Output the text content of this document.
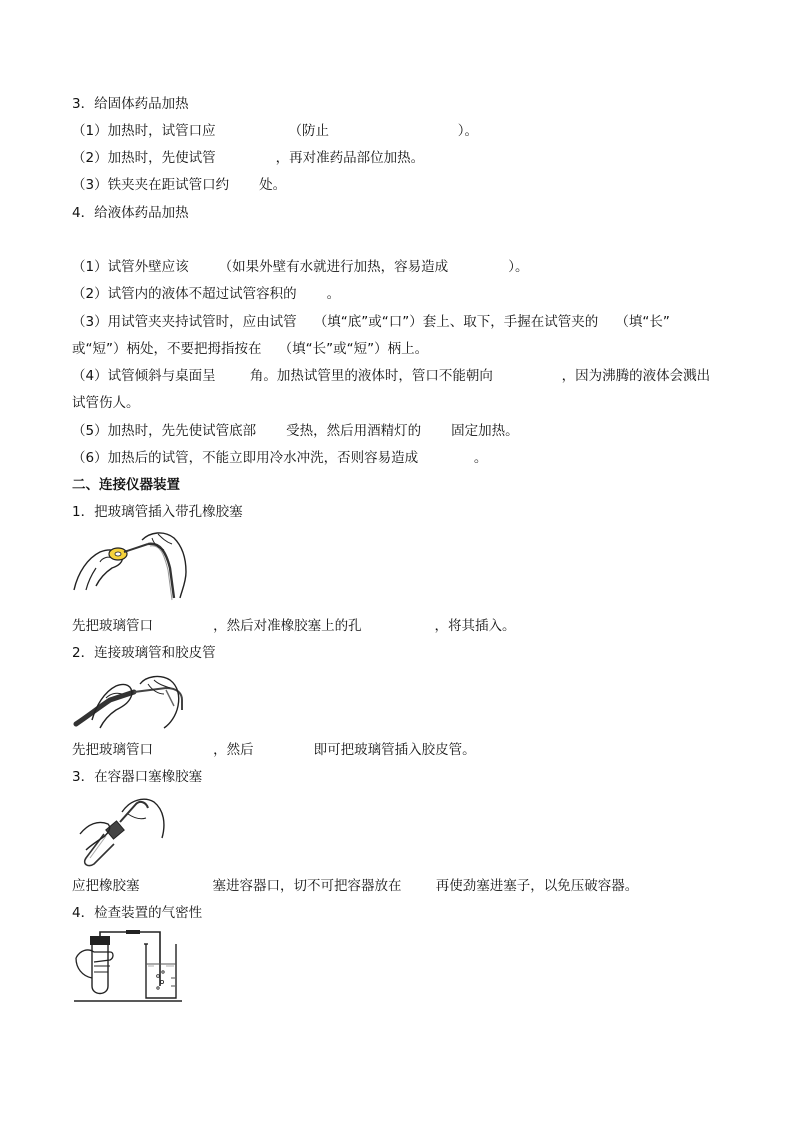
3．给固体药品加热
（1）加热时，试管口应                 （防止                              ）。
（2）加热时，先使试管              ，再对准药品部位加热。
（3）铁夹夹在距试管口约       处。
4．给液体药品加热
（1）试管外壁应该       （如果外壁有水就进行加热，容易造成              ）。
（2）试管内的液体不超过试管容积的       。
（3）用试管夹夹持试管时，应由试管    （填“底”或“口”）套上、取下，手握在试管夹的    （填“长”
或“短”）柄处，不要把拇指按在    （填“长”或“短”）柄上。
（4）试管倾斜与桌面呈        角。加热试管里的液体时，管口不能朝向                ，因为沸腾的液体会溅出
试管伤人。
（5）加热时，先先使试管底部       受热，然后用酒精灯的       固定加热。
（6）加热后的试管，不能立即用冷水冲洗，否则容易造成             。
二、连接仪器装置
1．把玻璃管插入带孔橡胶塞
先把玻璃管口              ，然后对准橡胶塞上的孔                 ，将其插入。
2．连接玻璃管和胶皮管
先把玻璃管口              ，然后              即可把玻璃管插入胶皮管。
3．在容器口塞橡胶塞
应把橡胶塞                 塞进容器口，切不可把容器放在        再使劲塞进塞子，以免压破容器。
4．检查装置的气密性
